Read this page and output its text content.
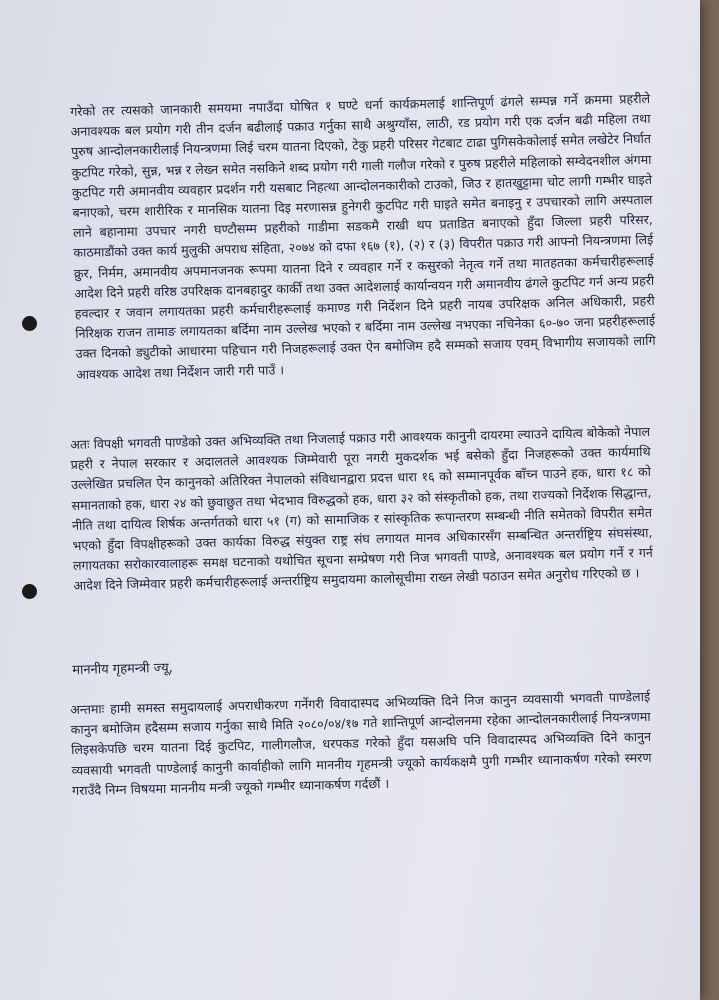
गरेको तर त्यसको जानकारी समयमा नपाउँदा घोषित १ घण्टे धर्ना कार्यक्रमलाई शान्तिपूर्ण ढंगले सम्पन्न गर्ने क्रममा प्रहरीले अनावश्यक बल प्रयोग गरी तीन दर्जन बढीलाई पक्राउ गर्नुका साथै अश्रुग्याँस, लाठी, रड प्रयोग गरी एक दर्जन बढी महिला तथा पुरुष आन्दोलनकारीलाई नियन्त्रणमा लिई चरम यातना दिएको, टेकु प्रहरी परिसर गेटबाट टाढा पुगिसकेकोलाई समेत लखेटेर निर्घात कुटपिट गरेको, सुन्न, भन्न र लेख्न समेत नसकिने शब्द प्रयोग गरी गाली गलौज गरेको र पुरुष प्रहरीले महिलाको सम्वेदनशील अंगमा कुटपिट गरी अमानवीय व्यवहार प्रदर्शन गरी यसबाट निहत्था आन्दोलनकारीको टाउको, जिउ र हातखुट्टामा चोट लागी गम्भीर घाइते बनाएको, चरम शारीरिक र मानसिक यातना दिइ मरणासन्न हुनेगरी कुटपिट गरी घाइते समेत बनाइनु र उपचारको लागि अस्पताल लाने बहानामा उपचार नगरी घण्टौसम्म प्रहरीको गाडीमा सडकमै राखी थप प्रताडित बनाएको हुँदा जिल्ला प्रहरी परिसर, काठमाडौंको उक्त कार्य मुलुकी अपराध संहिता, २०७४ को दफा १६७ (१), (२) र (३) विपरीत पक्राउ गरी आफ्नो नियन्त्रणमा लिई क्रुर, निर्मम, अमानवीय अपमानजनक रूपमा यातना दिने र व्यवहार गर्ने र कसुरको नेतृत्व गर्ने तथा मातहतका कर्मचारीहरूलाई आदेश दिने प्रहरी वरिष्ठ उपरिक्षक दानबहादुर कार्की तथा उक्त आदेशलाई कार्यान्वयन गरी अमानवीय ढंगले कुटपिट गर्न अन्य प्रहरी हवल्दार र जवान लगायतका प्रहरी कर्मचारीहरूलाई कमाण्ड गरी निर्देशन दिने प्रहरी नायब उपरिक्षक अनिल अधिकारी, प्रहरी निरिक्षक राजन तामाङ लगायतका बर्दिमा नाम उल्लेख भएको र बर्दिमा नाम उल्लेख नभएका नचिनेका ६०-७० जना प्रहरीहरूलाई उक्त दिनको ड्युटीको आधारमा पहिचान गरी निजहरूलाई उक्त ऐन बमोजिम हदै सम्मको सजाय एवम् विभागीय सजायको लागि आवश्यक आदेश तथा निर्देशन जारी गरी पाउँ ।
अतः विपक्षी भगवती पाण्डेको उक्त अभिव्यक्ति तथा निजलाई पक्राउ गरी आवश्यक कानुनी दायरमा ल्याउने दायित्व बोकेको नेपाल प्रहरी र नेपाल सरकार र अदालतले आवश्यक जिम्मेवारी पूरा नगरी मुकदर्शक भई बसेको हुँदा निजहरूको उक्त कार्यमाथि उल्लेखित प्रचलित ऐन कानुनको अतिरिक्त नेपालको संविधानद्वारा प्रदत्त धारा १६ को सम्मानपूर्वक बाँच्न पाउने हक, धारा १८ को समानताको हक, धारा २४ को छुवाछुत तथा भेदभाव विरुद्धको हक, धारा ३२ को संस्कृतीको हक, तथा राज्यको निर्देशक सिद्धान्त, नीति तथा दायित्व शिर्षक अन्तर्गतको धारा ५१ (ग) को सामाजिक र सांस्कृतिक रूपान्तरण सम्बन्धी नीति समेतको विपरीत समेत भएको हुँदा विपक्षीहरूको उक्त कार्यका विरुद्ध संयुक्त राष्ट्र संघ लगायत मानव अधिकारसँग सम्बन्धित अन्तर्राष्ट्रिय संघसंस्था, लगायतका सरोकारवालाहरू समक्ष घटनाको यथोचित सूचना सम्प्रेषण गरी निज भगवती पाण्डे, अनावश्यक बल प्रयोग गर्ने र गर्न आदेश दिने जिम्मेवार प्रहरी कर्मचारीहरूलाई अन्तर्राष्ट्रिय समुदायमा कालोसूचीमा राख्न लेखी पठाउन समेत अनुरोध गरिएको छ ।
माननीय गृहमन्त्री ज्यू,
अन्तमाः हामी समस्त समुदायलाई अपराधीकरण गर्नेगरी विवादास्पद अभिव्यक्ति दिने निज कानुन व्यवसायी भगवती पाण्डेलाई कानुन बमोजिम हदैसम्म सजाय गर्नुका साथै मिति २०८०/०४/१७ गते शान्तिपूर्ण आन्दोलनमा रहेका आन्दोलनकारीलाई नियन्त्रणमा लिइसकेपछि चरम यातना दिई कुटपिट, गालीगलौज, धरपकड गरेको हुँदा यसअघि पनि विवादास्पद अभिव्यक्ति दिने कानुन व्यवसायी भगवती पाण्डेलाई कानुनी कार्वाहीको लागि माननीय गृहमन्त्री ज्यूको कार्यकक्षमै पुगी गम्भीर ध्यानाकर्षण गरेको स्मरण गराउँदै निम्न विषयमा माननीय मन्त्री ज्यूको गम्भीर ध्यानाकर्षण गर्दछौं ।
